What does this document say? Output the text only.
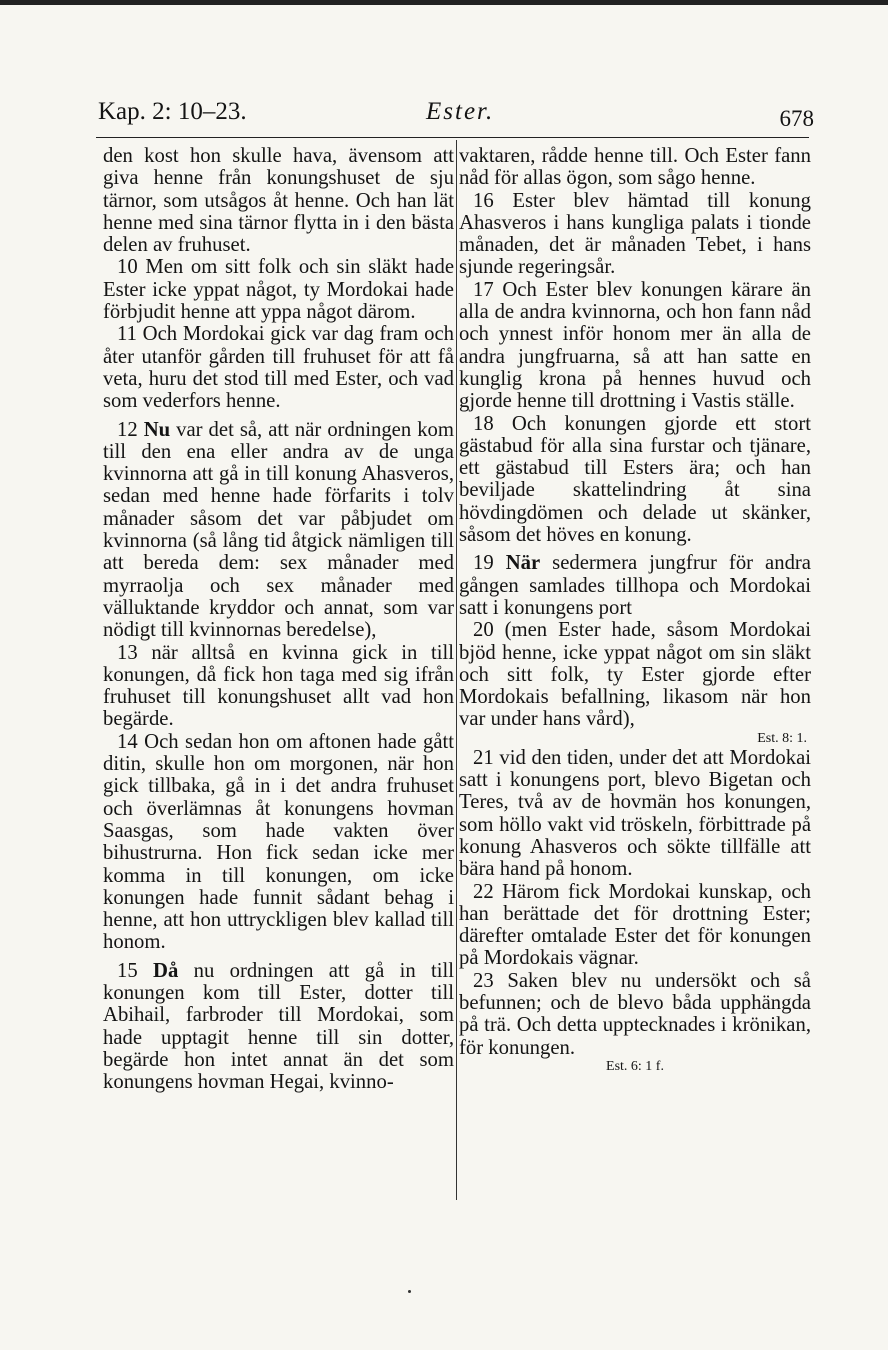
Kap. 2: 10–23.	Ester.	678

den kost hon skulle hava, ävensom att giva henne från konungshuset de sju tärnor, som utsågos åt henne. Och han lät henne med sina tärnor flytta in i den bästa delen av fruhuset.

10 Men om sitt folk och sin släkt hade Ester icke yppat något, ty Mordokai hade förbjudit henne att yppa något därom.

11 Och Mordokai gick var dag fram och åter utanför gården till fruhuset för att få veta, huru det stod till med Ester, och vad som vederfors henne.

12 Nu var det så, att när ordningen kom till den ena eller andra av de unga kvinnorna att gå in till konung Ahasveros, sedan med henne hade förfarits i tolv månader såsom det var påbjudet om kvinnorna (så lång tid åtgick nämligen till att bereda dem: sex månader med myrraolja och sex månader med välluktande kryddor och annat, som var nödigt till kvinnornas beredelse),

13 när alltså en kvinna gick in till konungen, då fick hon taga med sig ifrån fruhuset till konungshuset allt vad hon begärde.

14 Och sedan hon om aftonen hade gått ditin, skulle hon om morgonen, när hon gick tillbaka, gå in i det andra fruhuset och överlämnas åt konungens hovman Saasgas, som hade vakten över bihustrurna. Hon fick sedan icke mer komma in till konungen, om icke konungen hade funnit sådant behag i henne, att hon uttryckligen blev kallad till honom.

15 Då nu ordningen att gå in till konungen kom till Ester, dotter till Abihail, farbroder till Mordokai, som hade upptagit henne till sin dotter, begärde hon intet annat än det som konungens hovman Hegai, kvinno-

vaktaren, rådde henne till. Och Ester fann nåd för allas ögon, som sågo henne.

16 Ester blev hämtad till konung Ahasveros i hans kungliga palats i tionde månaden, det är månaden Tebet, i hans sjunde regeringsår.

17 Och Ester blev konungen kärare än alla de andra kvinnorna, och hon fann nåd och ynnest inför honom mer än alla de andra jungfruarna, så att han satte en kunglig krona på hennes huvud och gjorde henne till drottning i Vastis ställe.

18 Och konungen gjorde ett stort gästabud för alla sina furstar och tjänare, ett gästabud till Esters ära; och han beviljade skattelindring åt sina hövdingdömen och delade ut skänker, såsom det höves en konung.

19 När sedermera jungfrur för andra gången samlades tillhopa och Mordokai satt i konungens port

20 (men Ester hade, såsom Mordokai bjöd henne, icke yppat något om sin släkt och sitt folk, ty Ester gjorde efter Mordokais befallning, likasom när hon var under hans vård),

Est. 8: 1.

21 vid den tiden, under det att Mordokai satt i konungens port, blevo Bigetan och Teres, två av de hovmän hos konungen, som höllo vakt vid tröskeln, förbittrade på konung Ahasveros och sökte tillfälle att bära hand på honom.

22 Härom fick Mordokai kunskap, och han berättade det för drottning Ester; därefter omtalade Ester det för konungen på Mordokais vägnar.

23 Saken blev nu undersökt och så befunnen; och de blevo båda upphängda på trä. Och detta upptecknades i krönikan, för konungen.

Est. 6: 1 f.
